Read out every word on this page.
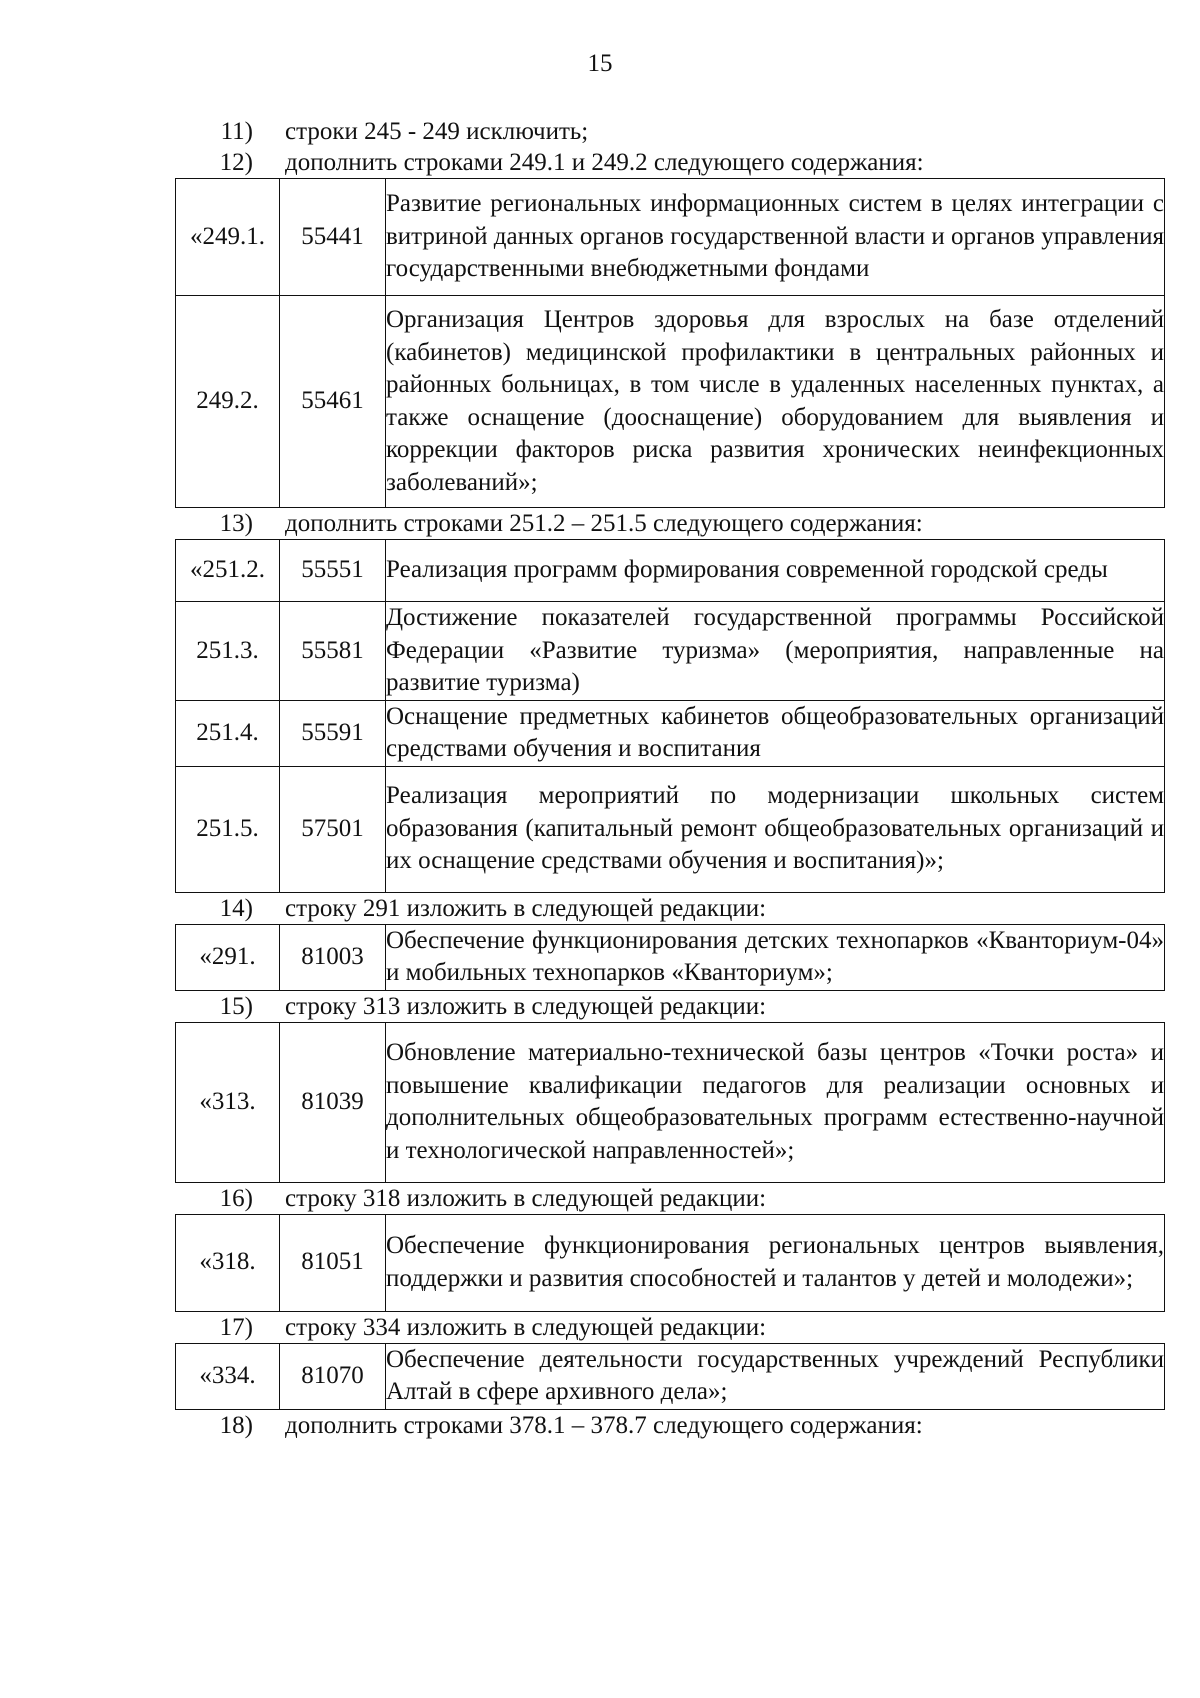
15
11)	строки 245 - 249 исключить;
12)	дополнить строками 249.1 и 249.2 следующего содержания:
«249.1.	55441	Развитие региональных информационных систем в целях интеграции с витриной данных органов государственной власти и органов управления государственными внебюджетными фондами
249.2.	55461	Организация Центров здоровья для взрослых на базе отделений (кабинетов) медицинской профилактики в центральных районных и районных больницах, в том числе в удаленных населенных пунктах, а также оснащение (дооснащение) оборудованием для выявления и коррекции факторов риска развития хронических неинфекционных заболеваний»;
13)	дополнить строками 251.2 – 251.5 следующего содержания:
«251.2.	55551	Реализация программ формирования современной городской среды
251.3.	55581	Достижение показателей государственной программы Российской Федерации «Развитие туризма» (мероприятия, направленные на развитие туризма)
251.4.	55591	Оснащение предметных кабинетов общеобразовательных организаций средствами обучения и воспитания
251.5.	57501	Реализация мероприятий по модернизации школьных систем образования (капитальный ремонт общеобразовательных организаций и их оснащение средствами обучения и воспитания)»;
14)	строку 291 изложить в следующей редакции:
«291.	81003	Обеспечение функционирования детских технопарков «Кванториум-04» и мобильных технопарков «Кванториум»;
15)	строку 313 изложить в следующей редакции:
«313.	81039	Обновление материально-технической базы центров «Точки роста» и повышение квалификации педагогов для реализации основных и дополнительных общеобразовательных программ естественно-научной и технологической направленностей»;
16)	строку 318 изложить в следующей редакции:
«318.	81051	Обеспечение функционирования региональных центров выявления, поддержки и развития способностей и талантов у детей и молодежи»;
17)	строку 334 изложить в следующей редакции:
«334.	81070	Обеспечение деятельности государственных учреждений Республики Алтай в сфере архивного дела»;
18)	дополнить строками 378.1 – 378.7 следующего содержания:
